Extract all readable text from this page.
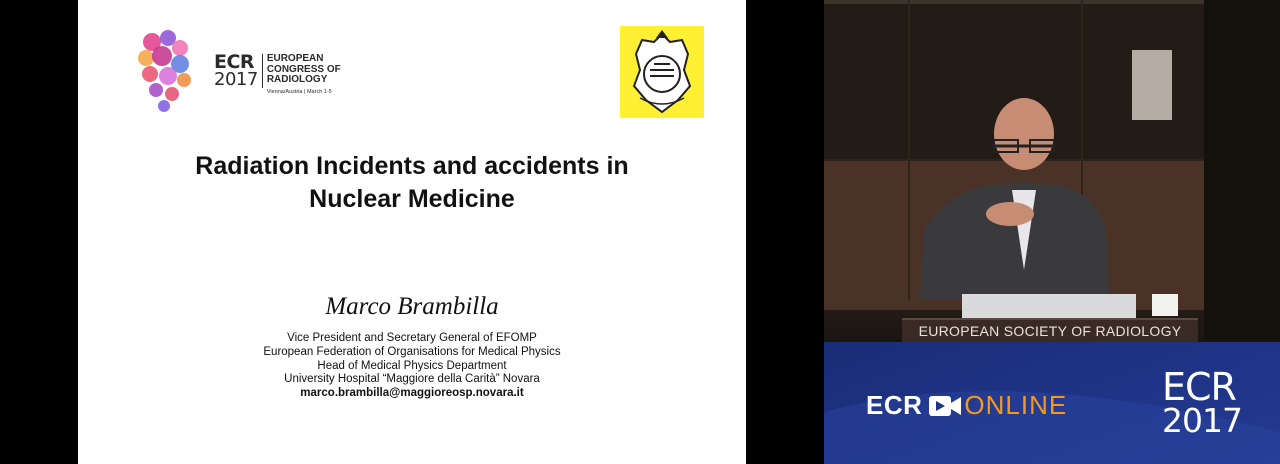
ECR
2017
EUROPEAN
CONGRESS OF
RADIOLOGY
Vienna/Austria | March 1-5
Radiation Incidents and accidents in
Nuclear Medicine
Marco Brambilla
Vice President and Secretary General of EFOMP
European Federation of Organisations for Medical Physics
Head of Medical Physics Department
University Hospital “Maggiore della Carità” Novara
marco.brambilla@maggioreosp.novara.it
EUROPEAN SOCIETY OF RADIOLOGY
ECR ONLINE ECR
2017
